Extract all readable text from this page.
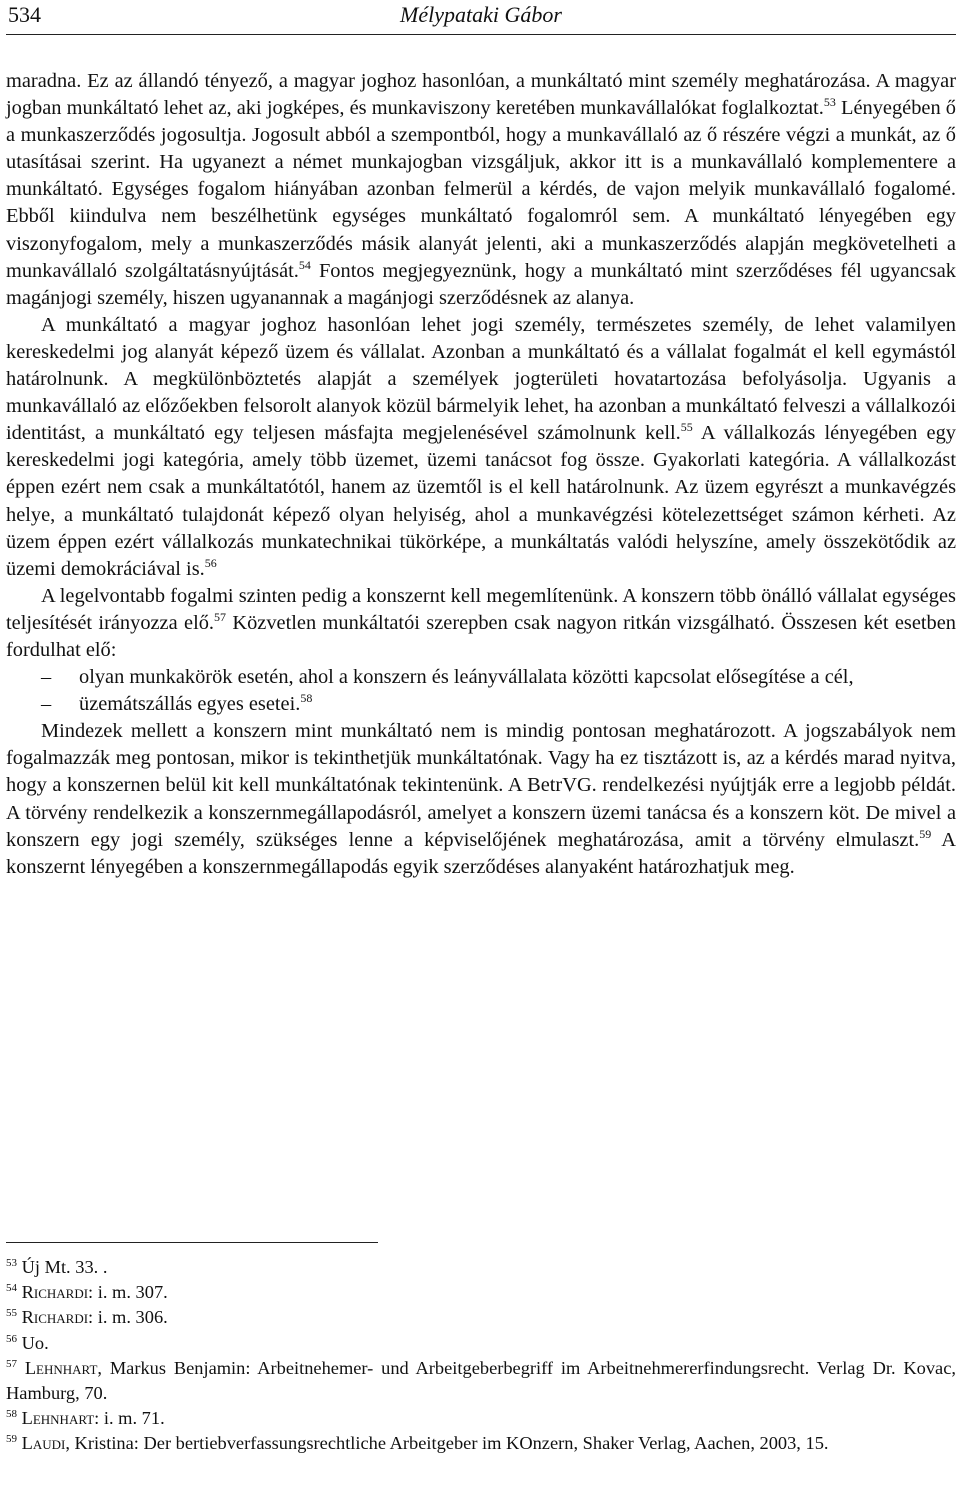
534	Mélypataki Gábor

maradna. Ez az állandó tényező, a magyar joghoz hasonlóan, a munkáltató mint személy meghatározása. A magyar jogban munkáltató lehet az, aki jogképes, és munkaviszony keretében munkavállalókat foglalkoztat.$^{53}$ Lényegében ő a munkaszerződés jogosultja. Jogosult abból a szempontból, hogy a munkavállaló az ő részére végzi a munkát, az ő utasításai szerint. Ha ugyanezt a német munkajogban vizsgáljuk, akkor itt is a munkavállaló komplementere a munkáltató. Egységes fogalom hiányában azonban felmerül a kérdés, de vajon melyik munkavállaló fogalomé. Ebből kiindulva nem beszélhetünk egységes munkáltató fogalomról sem. A munkáltató lényegében egy viszonyfogalom, mely a munkaszerződés másik alanyát jelenti, aki a munkaszerződés alapján megkövetelheti a munkavállaló szolgáltatásnyújtását.$^{54}$ Fontos megjegyeznünk, hogy a munkáltató mint szerződéses fél ugyancsak magánjogi személy, hiszen ugyanannak a magánjogi szerződésnek az alanya.

A munkáltató a magyar joghoz hasonlóan lehet jogi személy, természetes személy, de lehet valamilyen kereskedelmi jog alanyát képező üzem és vállalat. Azonban a munkáltató és a vállalat fogalmát el kell egymástól határolnunk. A megkülönböztetés alapját a személyek jogterületi hovatartozása befolyásolja. Ugyanis a munkavállaló az előzőekben felsorolt alanyok közül bármelyik lehet, ha azonban a munkáltató felveszi a vállalkozói identitást, a munkáltató egy teljesen másfajta megjelenésével számolnunk kell.$^{55}$ A vállalkozás lényegében egy kereskedelmi jogi kategória, amely több üzemet, üzemi tanácsot fog össze. Gyakorlati kategória. A vállalkozást éppen ezért nem csak a munkáltatótól, hanem az üzemtől is el kell határolnunk. Az üzem egyrészt a munkavégzés helye, a munkáltató tulajdonát képező olyan helyiség, ahol a munkavégzési kötelezettséget számon kérheti. Az üzem éppen ezért vállalkozás munkatechnikai tükörképe, a munkáltatás valódi helyszíne, amely összekötődik az üzemi demokráciával is.$^{56}$

A legelvontabb fogalmi szinten pedig a konszernt kell megemlítenünk. A konszern több önálló vállalat egységes teljesítését irányozza elő.$^{57}$ Közvetlen munkáltatói szerepben csak nagyon ritkán vizsgálható. Összesen két esetben fordulhat elő:

– olyan munkakörök esetén, ahol a konszern és leányvállalata közötti kapcsolat elősegítése a cél,
– üzemátszállás egyes esetei.$^{58}$

Mindezek mellett a konszern mint munkáltató nem is mindig pontosan meghatározott. A jogszabályok nem fogalmazzák meg pontosan, mikor is tekinthetjük munkáltatónak. Vagy ha ez tisztázott is, az a kérdés marad nyitva, hogy a konszernen belül kit kell munkáltatónak tekintenünk. A BetrVG. rendelkezési nyújtják erre a legjobb példát. A törvény rendelkezik a konszernmegállapodásról, amelyet a konszern üzemi tanácsa és a konszern köt. De mivel a konszern egy jogi személy, szükséges lenne a képviselőjének meghatározása, amit a törvény elmulaszt.$^{59}$ A konszernt lényegében a konszernmegállapodás egyik szerződéses alanyaként határozhatjuk meg.

$^{53}$ Új Mt. 33. .
$^{54}$ Richardi: i. m. 307.
$^{55}$ Richardi: i. m. 306.
$^{56}$ Uo.
$^{57}$ Lehnhart, Markus Benjamin: Arbeitnehemer- und Arbeitgeberbegriff im Arbeitnehmererfindungsrecht. Verlag Dr. Kovac, Hamburg, 70.
$^{58}$ Lehnhart: i. m. 71.
$^{59}$ Laudi, Kristina: Der bertiebverfassungsrechtliche Arbeitgeber im KOnzern, Shaker Verlag, Aachen, 2003, 15.
